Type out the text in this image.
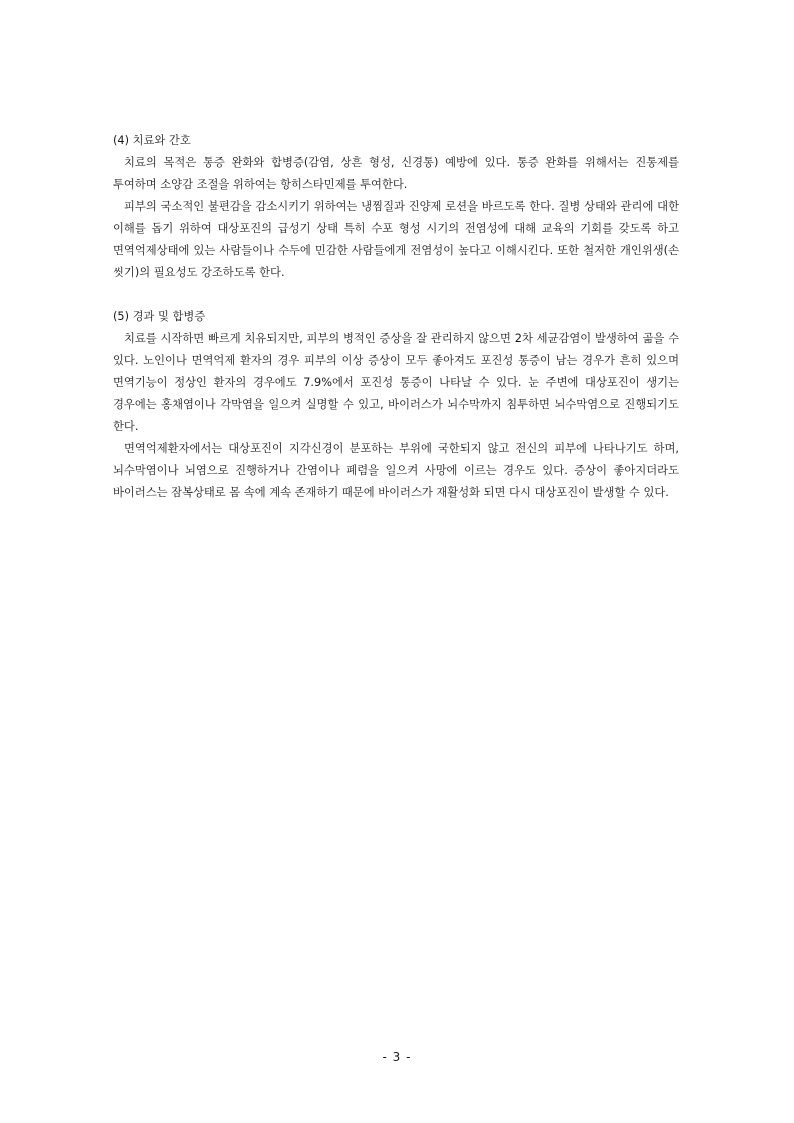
(4) 치료와 간호

치료의 목적은 통증 완화와 합병증(감염, 상흔 형성, 신경통) 예방에 있다. 통증 완화를 위해서는 진통제를 투여하며 소양감 조절을 위하여는 항히스타민제를 투여한다.

피부의 국소적인 불편감을 감소시키기 위하여는 냉찜질과 진양제 로션을 바르도록 한다. 질병 상태와 관리에 대한 이해를 돕기 위하여 대상포진의 급성기 상태 특히 수포 형성 시기의 전염성에 대해 교육의 기회를 갖도록 하고 면역억제상태에 있는 사람들이나 수두에 민감한 사람들에게 전염성이 높다고 이해시킨다. 또한 철저한 개인위생(손 씻기)의 필요성도 강조하도록 한다.

(5) 경과 및 합병증

치료를 시작하면 빠르게 치유되지만, 피부의 병적인 증상을 잘 관리하지 않으면 2차 세균감염이 발생하여 곪을 수 있다. 노인이나 면역억제 환자의 경우 피부의 이상 증상이 모두 좋아져도 포진성 통증이 남는 경우가 흔히 있으며 면역기능이 정상인 환자의 경우에도 7.9%에서 포진성 통증이 나타날 수 있다. 눈 주변에 대상포진이 생기는 경우에는 홍채염이나 각막염을 일으켜 실명할 수 있고, 바이러스가 뇌수막까지 침투하면 뇌수막염으로 진행되기도 한다.

면역억제환자에서는 대상포진이 지각신경이 분포하는 부위에 국한되지 않고 전신의 피부에 나타나기도 하며, 뇌수막염이나 뇌염으로 진행하거나 간염이나 폐렴을 일으켜 사망에 이르는 경우도 있다. 증상이 좋아지더라도 바이러스는 잠복상태로 몸 속에 계속 존재하기 때문에 바이러스가 재활성화 되면 다시 대상포진이 발생할 수 있다.

- 3 -
